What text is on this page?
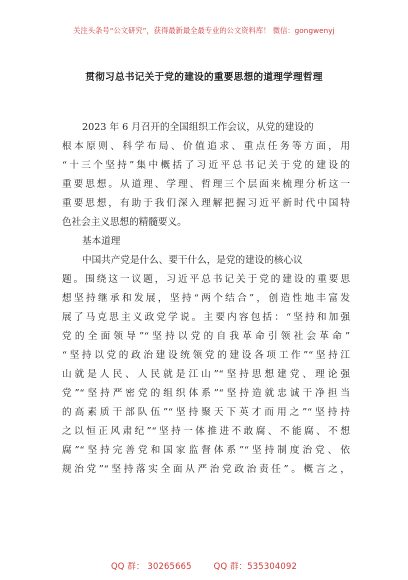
关注头条号“公文研究”，获得最新最全最专业的公文资料库！ 微信：gongwenyj
贯彻习总书记关于党的建设的重要思想的道理学理哲理
2023 年 6 月召开的全国组织工作会议，从党的建设的
根本原则、科学布局、价值追求、重点任务等方面，用
“十三个坚持”集中概括了习近平总书记关于党的建设的
重要思想。从道理、学理、哲理三个层面来梳理分析这一
重要思想，有助于我们深入理解把握习近平新时代中国特
色社会主义思想的精髓要义。
基本道理
中国共产党是什么、要干什么，是党的建设的核心议
题。围绕这一议题，习近平总书记关于党的建设的重要思
想坚持继承和发展，坚持“两个结合”，创造性地丰富发
展了马克思主义政党学说。主要内容包括：“坚持和加强
党的全面领导”“坚持以党的自我革命引领社会革命”
“坚持以党的政治建设统领党的建设各项工作”“坚持江
山就是人民、人民就是江山”“坚持思想建党、理论强
党”“坚持严密党的组织体系”“坚持造就忠诚干净担当
的高素质干部队伍”“坚持聚天下英才而用之”“坚持持
之以恒正风肃纪”“坚持一体推进不敢腐、不能腐、不想
腐”“坚持完善党和国家监督体系”“坚持制度治党、依
规治党”“坚持落实全面从严治党政治责任”。概言之，
QQ 群： 30265665	QQ 群：535304092
